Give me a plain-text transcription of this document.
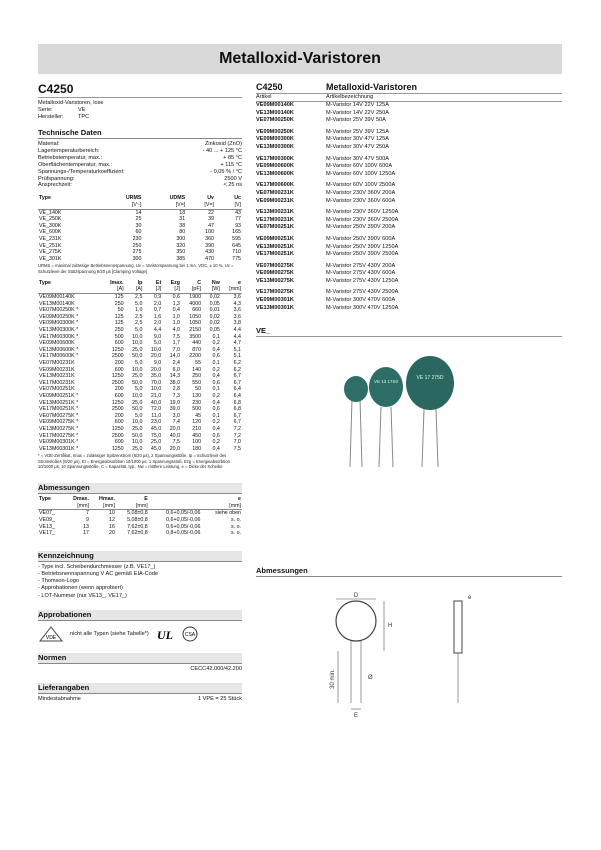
Metalloxid-Varistoren
C4250
Metalloxid-Varistoren, lose
Serie:	VE
Hersteller:	TPC
Technische Daten
Material:	Zinkoxid (ZnO)
Lagertemperaturbereich:	- 40 ... + 125 °C
Betriebstemperatur, max.:	+ 85 °C
Oberflächentemperatur, max.:	+ 115 °C
Spannungs-/Temperaturkoeffizient:	- 0,05 % / °C
Prüfspannung:	2500 V
Ansprechzeit:	< 25 ns
Type	URMS	UDMS	Uv	Uc
	[V~]	[V=]	[V=]	[V]
VE_140K	14	18	22	43
VE_250K	25	31	39	77
VE_300K	30	38	47	93
VE_600K	60	80	100	165
VE_231K	230	300	360	595
VE_251K	250	320	390	645
VE_275K	275	350	430	710
VE_301K	300	385	470	775
URMS = maximal zulässige Betriebsnennspannung, Uv = Varistorspannung bei 1 mA, VDC, ± 10 %, Uc = Schutzlevel der Stützspannung 8/20 µs [Clamping Voltage]
Type	Imax.	Ip	Et	Ezg	C	Nw	e
	[A]	[A]	[J]	[J]	[pF]	[W]	[mm]
VE09M00140K	125	2,5	0,9	0,6	1900	0,02	3,6
VE13M00140K	250	5,0	2,0	1,3	4000	0,05	4,3
VE07M00250K *	50	1,0	0,7	0,4	660	0,01	3,6
VE09M00250K *	125	2,5	1,6	1,0	1050	0,02	3,6
VE09M00300K *	125	2,5	2,0	1,0	1050	0,02	3,8
VE13M00300K *	250	5,0	4,4	4,0	2150	0,05	4,4
VE17M00300K *	500	10,0	9,0	7,5	3500	0,1	4,4
VE09M00600K	600	10,0	5,0	1,7	440	0,2	4,7
VE13M00600K *	1250	25,0	10,0	7,0	870	0,4	5,1
VE17M00600K *	2500	50,0	20,0	14,0	2200	0,6	5,1
VE07M00231K	200	5,0	9,0	2,4	55	0,1	6,2
VE09M00231K	600	10,0	20,0	6,0	140	0,2	6,2
VE13M00231K	1250	25,0	35,0	14,3	250	0,4	6,7
VE17M00231K	2500	50,0	70,0	38,0	550	0,6	6,7
VE07M00251K	200	5,0	10,0	2,8	50	0,1	6,4
VE09M00251K *	600	10,0	21,0	7,3	130	0,2	6,4
VE13M00251K *	1250	25,0	40,0	19,0	230	0,4	6,8
VE17M00251K *	2500	50,0	72,0	39,0	500	0,6	6,8
VE07M00275K *	200	5,0	11,0	3,0	45	0,1	6,7
VE09M00275K *	600	10,0	23,0	7,4	120	0,2	6,7
VE13M00275K *	1250	25,0	45,0	20,0	210	0,4	7,2
VE17M00275K *	2500	50,0	75,0	40,0	450	0,6	7,2
VE09M00301K *	600	10,0	25,0	7,5	100	0,2	7,0
VE13M00301K *	1250	25,0	45,0	20,0	180	0,4	7,5
* = VDE-Zertifikat, Imax = zulässiger Spitzenstrom (8/20 µs), 2 Spannungsstöße, Ip = Schutzlevel des Stromstoßes (8/20 µs), Et = Energieabsorbtion 10/1000 µs, 1 Spannungsstoß, Ezg = Energieabsorbtion 10/1000 µs, 10 Spannungsstöße, C = Kapazität, typ., Nw = mittlere Leistung, e = Dicke der Scheibe
Abmessungen
Type	Dmax.	Hmax.	E	e	
	[mm]	[mm]	[mm]	[mm]	
VE07_	7	10	5,08±0,8	0,6+0,05/-0,06	siehe oben
VE09_	9	12	5,08±0,8	0,6+0,05/-0,06	s. o.
VE13_	13	16	7,62±0,8	0,6+0,05/-0,06	s. o.
VE17_	17	20	7,62±0,8	0,8+0,05/-0,06	s. o.
Kennzeichnung
- Type incl. Scheibendurchmesser (z.B. VE17_)
- Betriebsnennspannung V AC gemäß EIA-Code
- Thomson-Logo
- Approbationen (wenn approbiert)
- LOT-Nummer (nur VE13_, VE17_)
Approbationen
VDE
nicht alle Typen (siehe Tabelle*) UL CSA
Normen
CECC42.000/42.200
Lieferangaben
Mindestabnahme	1 VPE = 25 Stück
C4250	Metalloxid-Varistoren
Artikel	Artikelbezeichnung
VE09M00140K	M-Varistor 14V 22V 125A
VE13M00140K	M-Varistor 14V 22V 250A
VE07M00250K	M-Varistor 25V 39V 50A
VE09M00250K	M-Varistor 25V 39V 125A
VE09M00300K	M-Varistor 30V 47V 125A
VE13M00300K	M-Varistor 30V 47V 250A
VE17M00300K	M-Varistor 30V 47V 500A
VE09M00600K	M-Varistor 60V 100V 600A
VE13M00600K	M-Varistor 60V 100V 1250A
VE17M00600K	M-Varistor 60V 100V 2500A
VE07M00231K	M-Varistor 230V 360V 200A
VE09M00231K	M-Varistor 230V 360V 600A
VE13M00231K	M-Varistor 230V 360V 1250A
VE17M00231K	M-Varistor 230V 360V 2500A
VE07M00251K	M-Varistor 250V 390V 200A
VE09M00251K	M-Varistor 250V 390V 600A
VE13M00251K	M-Varistor 250V 390V 1250A
VE17M00251K	M-Varistor 250V 390V 2500A
VE07M00275K	M-Varistor 275V 430V 200A
VE09M00275K	M-Varistor 275V 430V 600A
VE13M00275K	M-Varistor 275V 430V 1250A
VE17M00275K	M-Varistor 275V 430V 2500A
VE09M00301K	M-Varistor 300V 470V 600A
VE13M00301K	M-Varistor 300V 470V 1250A
VE_
VE 13 17S0
VE 17 275D
Abmessungen
D
H
30 min.
E
Ø
e
